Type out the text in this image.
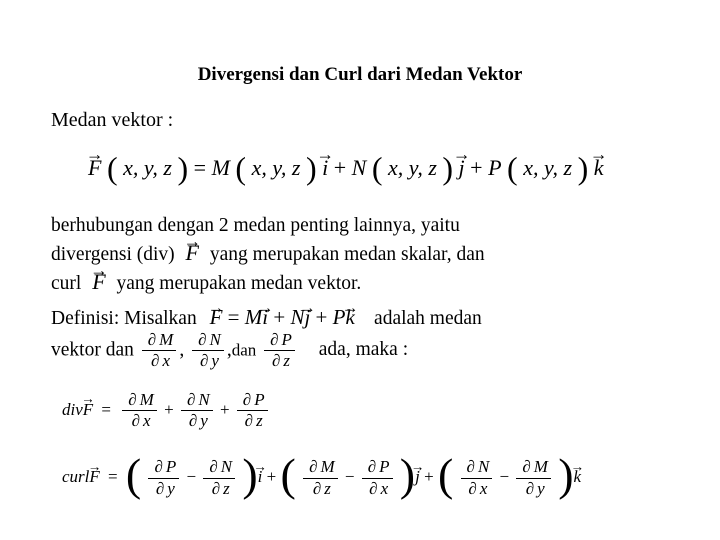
Divergensi dan Curl dari Medan Vektor
Medan vektor :
→ F ( x, y, z ) = M ( x, y, z ) → i + N ( x, y, z ) → j + P ( x, y, z ) → k
berhubungan dengan 2 medan penting lainnya, yaitu
divergensi (div) → F yang merupakan medan skalar, dan
curl → F yang merupakan medan vektor.
Definisi: Misalkan → F = M→ i + N→ j + P→ k adalah medan
vektor dan $\frac{\partial M}{\partial x}$ , $\frac{\partial N}{\partial y} ,dan \frac{\partial P}{\partial z}$ ada, maka :
$div\to F = \frac{\partial M}{\partial x} + \frac{\partial N}{\partial y} + \frac{\partial P}{\partial z}$
curl→ F = ( $\frac{\partial P}{\partial y} - \frac{\partial N}{\partial z}$ )→ i + ( $\frac{\partial M}{\partial z} - \frac{\partial P}{\partial x}$ )→ j + ( $\frac{\partial N}{\partial x} - \frac{\partial M}{\partial y}$ )→ k
